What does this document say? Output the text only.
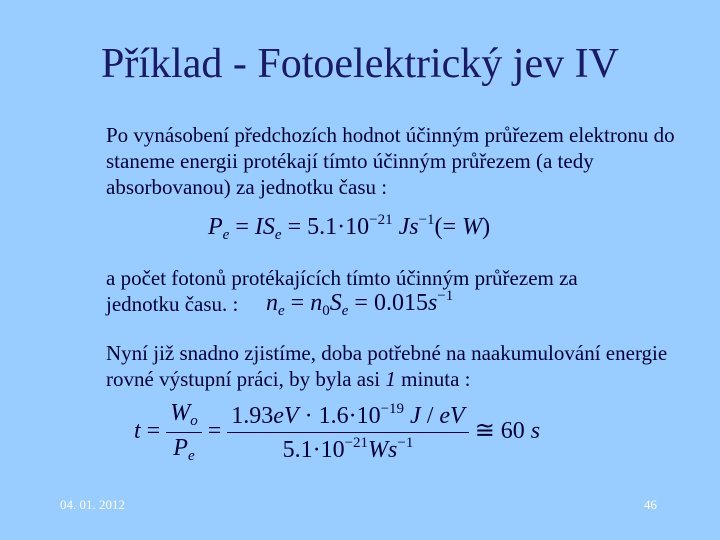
Příklad - Fotoelektrický jev IV
Po vynásobení předchozích hodnot účinným průřezem elektronu do staneme energii protékají tímto účinným průřezem (a tedy absorbovanou) za jednotku času :
$P_e = IS_e = 5.1\cdot 10^{-21}$ $Js^{-1}(= W)$
a počet fotonů protékajících tímto účinným průřezem za
jednotku času. :	$n_e = n_0S_e = 0.015s^{-1}$
Nyní již snadno zjistíme, doba potřebné na naakumulování energie rovné výstupní práci, by byla asi 1 minuta :
$t = \frac{W_o}{P_e} = \frac{1.93eV \cdot 1.6\cdot 10^{-19} J / eV}{5.1\cdot 10^{-21}Ws^{-1}}$ ≅ 60 s
04. 01. 2012	46
